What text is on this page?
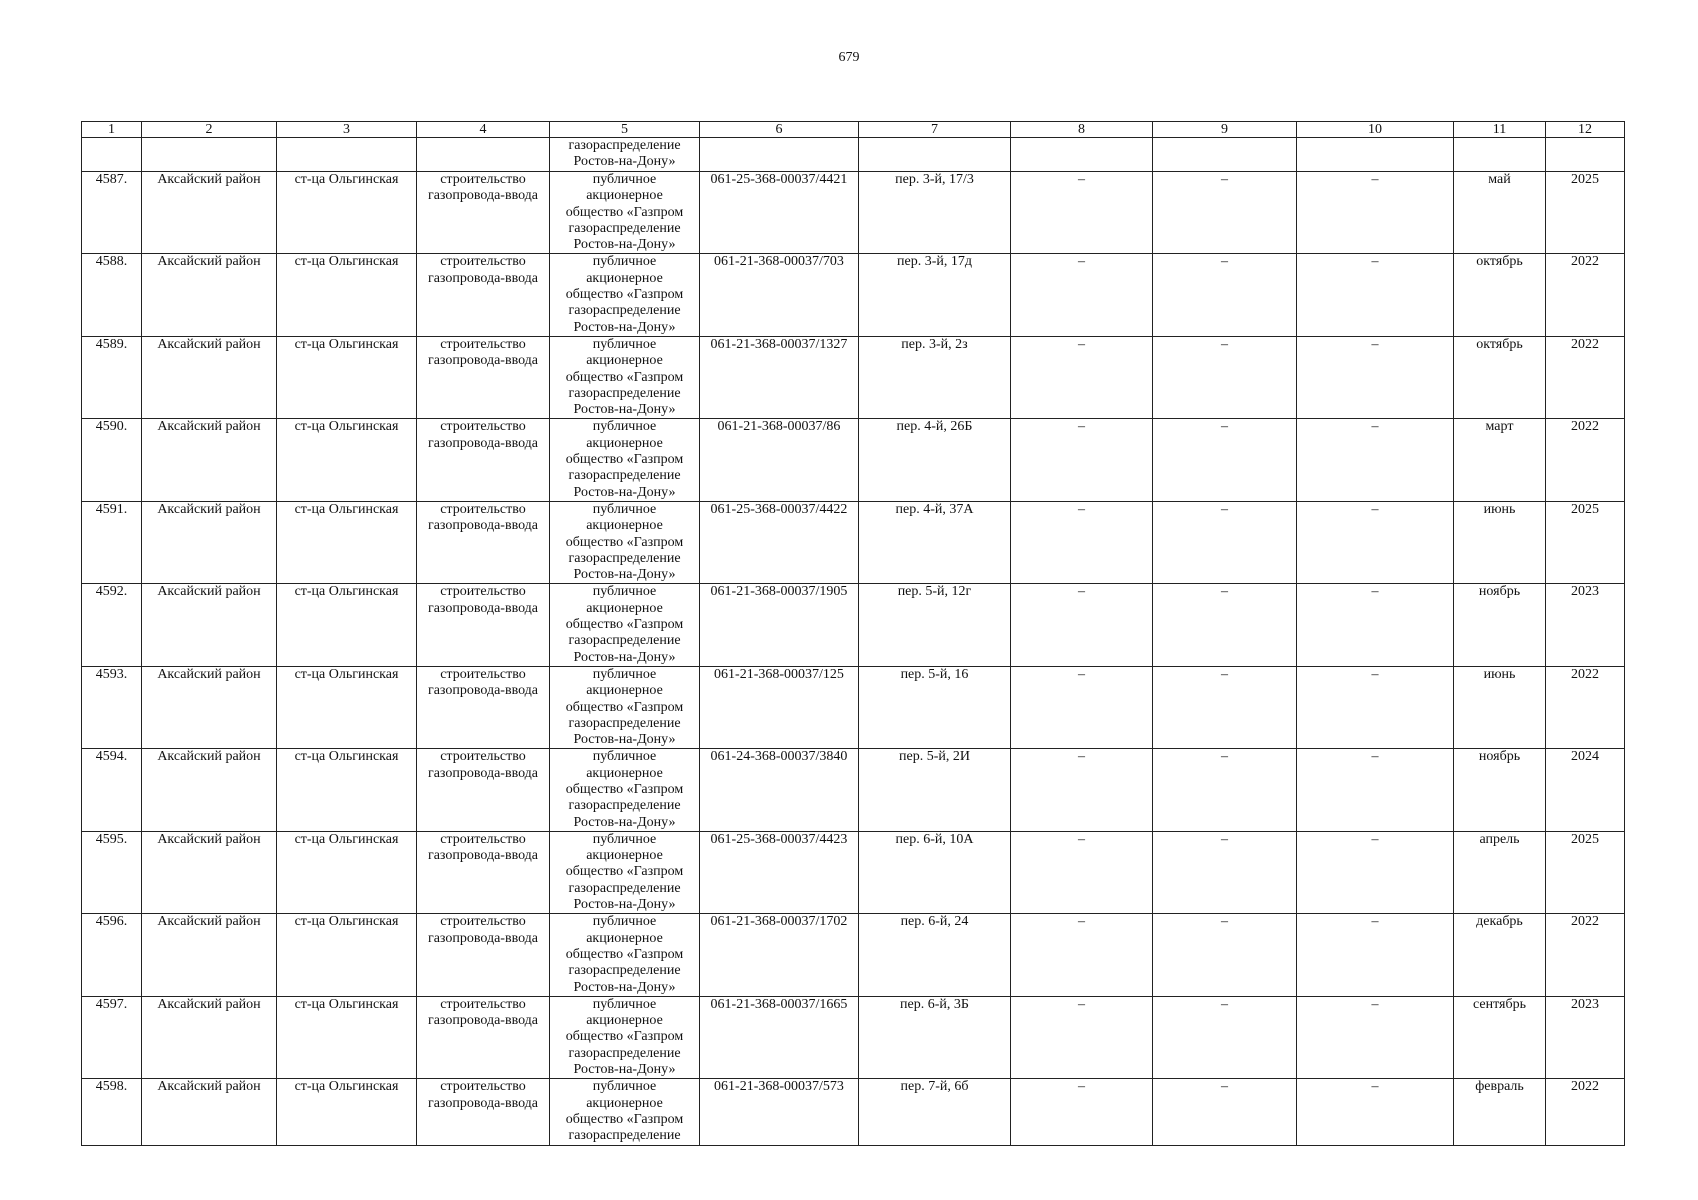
679
1	2	3	4	5	6	7	8	9	10	11	12

				газораспределение
Ростов-на-Дону»							

4587.	Аксайский район	ст-ца Ольгинская	строительство
газопровода-ввода	публичное
акционерное
общество «Газпром
газораспределение
Ростов-на-Дону»	061-25-368-00037/4421	пер. 3-й, 17/3	–	–	–	май	2025
4588.	Аксайский район	ст-ца Ольгинская	строительство
газопровода-ввода	публичное
акционерное
общество «Газпром
газораспределение
Ростов-на-Дону»	061-21-368-00037/703	пер. 3-й, 17д	–	–	–	октябрь	2022
4589.	Аксайский район	ст-ца Ольгинская	строительство
газопровода-ввода	публичное
акционерное
общество «Газпром
газораспределение
Ростов-на-Дону»	061-21-368-00037/1327	пер. 3-й, 2з	–	–	–	октябрь	2022
4590.	Аксайский район	ст-ца Ольгинская	строительство
газопровода-ввода	публичное
акционерное
общество «Газпром
газораспределение
Ростов-на-Дону»	061-21-368-00037/86	пер. 4-й, 26Б	–	–	–	март	2022
4591.	Аксайский район	ст-ца Ольгинская	строительство
газопровода-ввода	публичное
акционерное
общество «Газпром
газораспределение
Ростов-на-Дону»	061-25-368-00037/4422	пер. 4-й, 37А	–	–	–	июнь	2025
4592.	Аксайский район	ст-ца Ольгинская	строительство
газопровода-ввода	публичное
акционерное
общество «Газпром
газораспределение
Ростов-на-Дону»	061-21-368-00037/1905	пер. 5-й, 12г	–	–	–	ноябрь	2023
4593.	Аксайский район	ст-ца Ольгинская	строительство
газопровода-ввода	публичное
акционерное
общество «Газпром
газораспределение
Ростов-на-Дону»	061-21-368-00037/125	пер. 5-й, 16	–	–	–	июнь	2022
4594.	Аксайский район	ст-ца Ольгинская	строительство
газопровода-ввода	публичное
акционерное
общество «Газпром
газораспределение
Ростов-на-Дону»	061-24-368-00037/3840	пер. 5-й, 2И	–	–	–	ноябрь	2024
4595.	Аксайский район	ст-ца Ольгинская	строительство
газопровода-ввода	публичное
акционерное
общество «Газпром
газораспределение
Ростов-на-Дону»	061-25-368-00037/4423	пер. 6-й, 10А	–	–	–	апрель	2025
4596.	Аксайский район	ст-ца Ольгинская	строительство
газопровода-ввода	публичное
акционерное
общество «Газпром
газораспределение
Ростов-на-Дону»	061-21-368-00037/1702	пер. 6-й, 24	–	–	–	декабрь	2022
4597.	Аксайский район	ст-ца Ольгинская	строительство
газопровода-ввода	публичное
акционерное
общество «Газпром
газораспределение
Ростов-на-Дону»	061-21-368-00037/1665	пер. 6-й, 3Б	–	–	–	сентябрь	2023
4598.	Аксайский район	ст-ца Ольгинская	строительство
газопровода-ввода	публичное
акционерное
общество «Газпром
газораспределение	061-21-368-00037/573	пер. 7-й, 6б	–	–	–	февраль	2022
